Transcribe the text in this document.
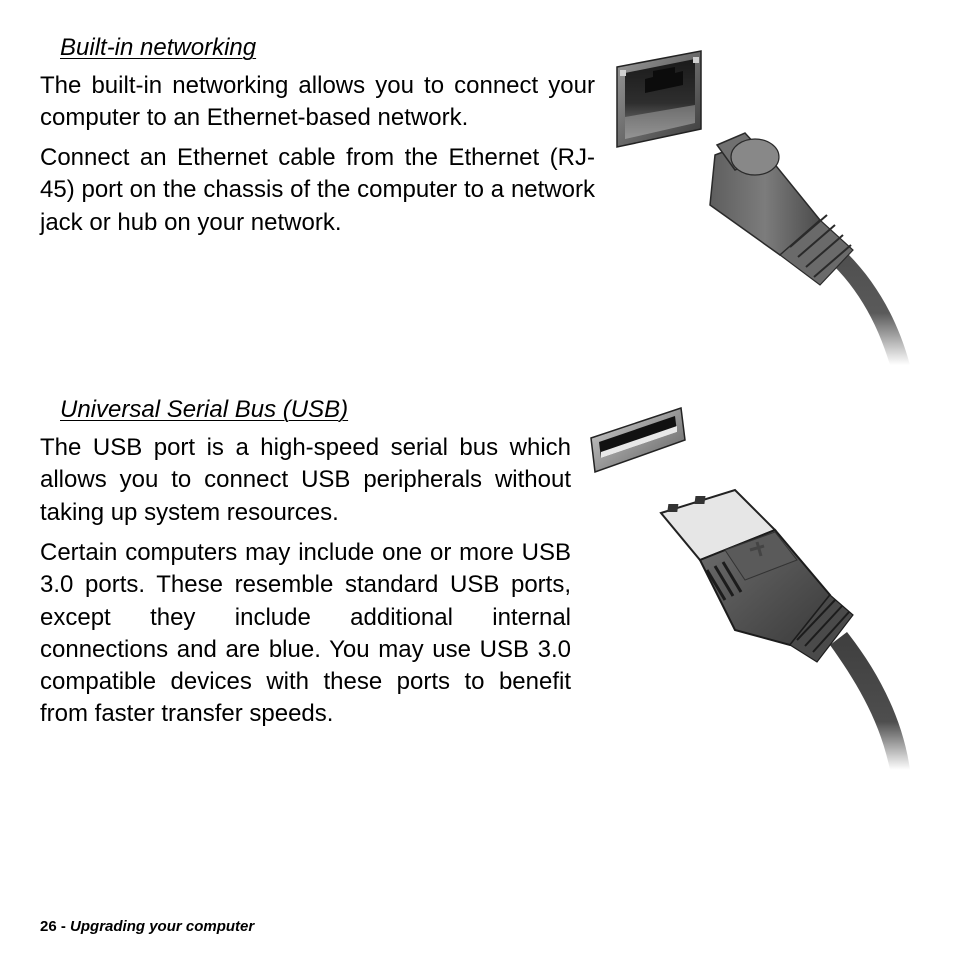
Built-in networking

The built-in networking allows you to connect your computer to an Ethernet-based network.

Connect an Ethernet cable from the Ethernet (RJ-45) port on the chassis of the computer to a network jack or hub on your network.

Universal Serial Bus (USB)

The USB port is a high-speed serial bus which allows you to connect USB peripherals without taking up system resources.

Certain computers may include one or more USB 3.0 ports. These resemble standard USB ports, except they include additional internal connections and are blue. You may use USB 3.0 compatible devices with these ports to benefit from faster transfer speeds.

26 - Upgrading your computer
